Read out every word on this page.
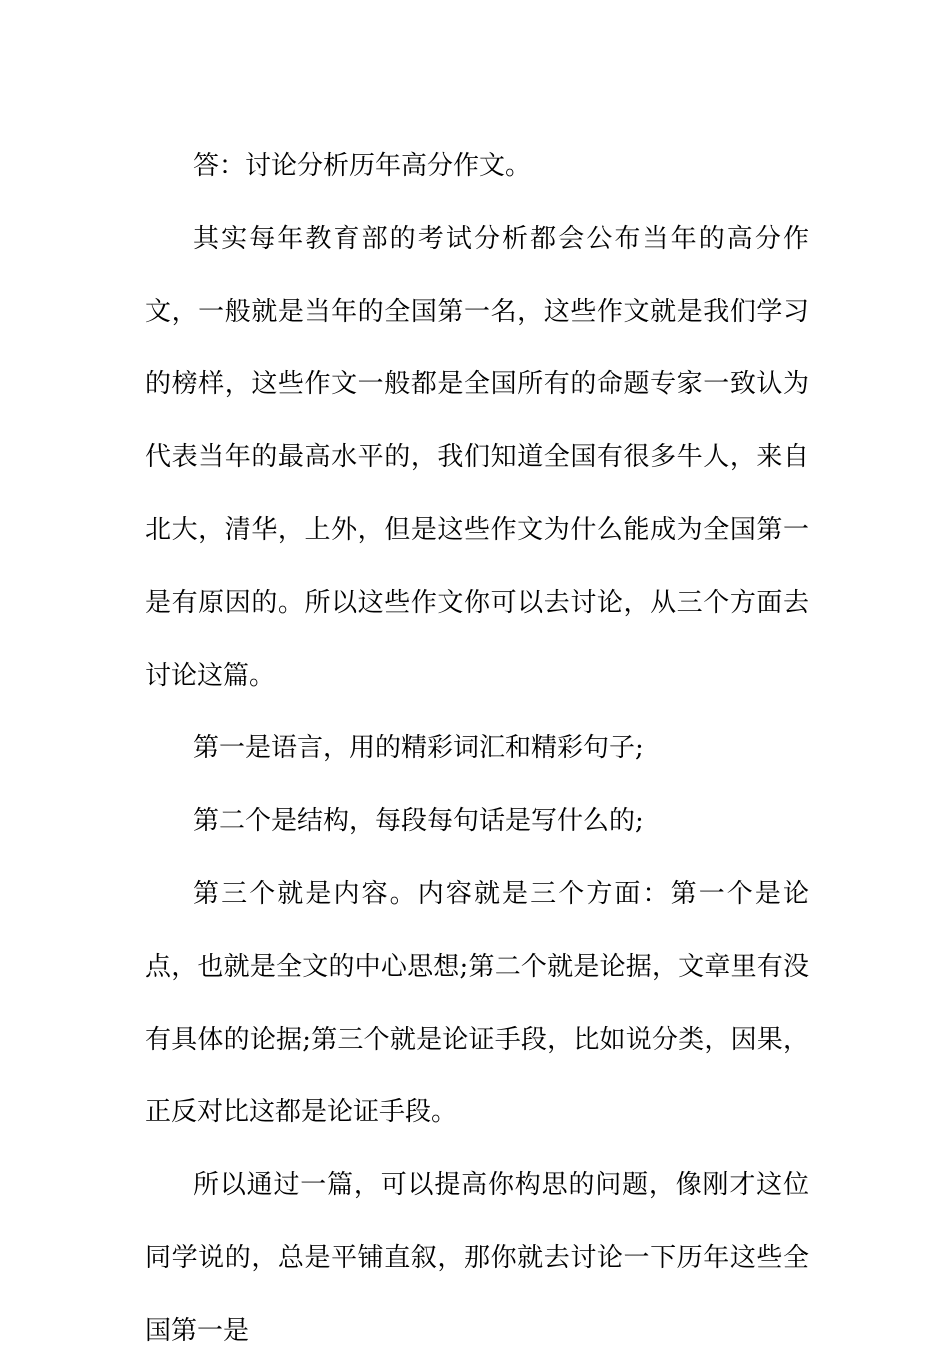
答：讨论分析历年高分作文。

其实每年教育部的考试分析都会公布当年的高分作文，一般就是当年的全国第一名，这些作文就是我们学习的榜样，这些作文一般都是全国所有的命题专家一致认为代表当年的最高水平的，我们知道全国有很多牛人，来自北大，清华，上外，但是这些作文为什么能成为全国第一是有原因的。所以这些作文你可以去讨论，从三个方面去讨论这篇。

第一是语言，用的精彩词汇和精彩句子;

第二个是结构，每段每句话是写什么的;

第三个就是内容。内容就是三个方面：第一个是论点，也就是全文的中心思想;第二个就是论据，文章里有没有具体的论据;第三个就是论证手段，比如说分类，因果，正反对比这都是论证手段。

所以通过一篇，可以提高你构思的问题，像刚才这位同学说的，总是平铺直叙，那你就去讨论一下历年这些全国第一是
